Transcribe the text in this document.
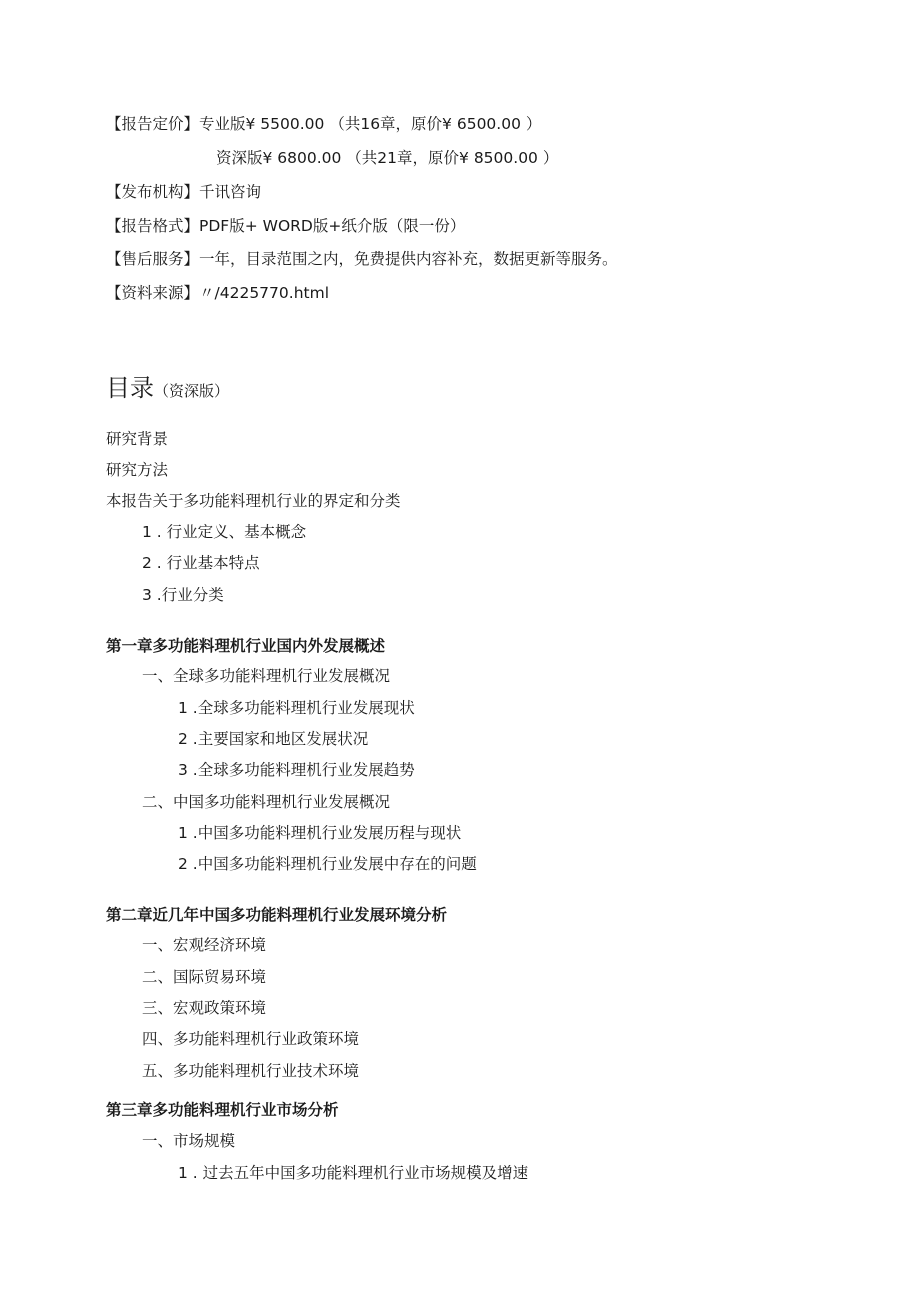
【报告定价】专业版¥ 5500.00 （共16章，原价¥ 6500.00 ）
资深版¥ 6800.00 （共21章，原价¥ 8500.00 ）
【发布机构】千讯咨询
【报告格式】PDF版+ WORD版+纸介版（限一份）
【售后服务】一年，目录范围之内，免费提供内容补充，数据更新等服务。
【资料来源】〃/4225770.html
目录（资深版）
研究背景
研究方法
本报告关于多功能料理机行业的界定和分类
1 . 行业定义、基本概念
2 . 行业基本特点
3 .行业分类
第一章多功能料理机行业国内外发展概述
一、全球多功能料理机行业发展概况
1 .全球多功能料理机行业发展现状
2 .主要国家和地区发展状况
3 .全球多功能料理机行业发展趋势
二、中国多功能料理机行业发展概况
1 .中国多功能料理机行业发展历程与现状
2 .中国多功能料理机行业发展中存在的问题
第二章近几年中国多功能料理机行业发展环境分析
一、宏观经济环境
二、国际贸易环境
三、宏观政策环境
四、多功能料理机行业政策环境
五、多功能料理机行业技术环境
第三章多功能料理机行业市场分析
一、市场规模
1 . 过去五年中国多功能料理机行业市场规模及增速
